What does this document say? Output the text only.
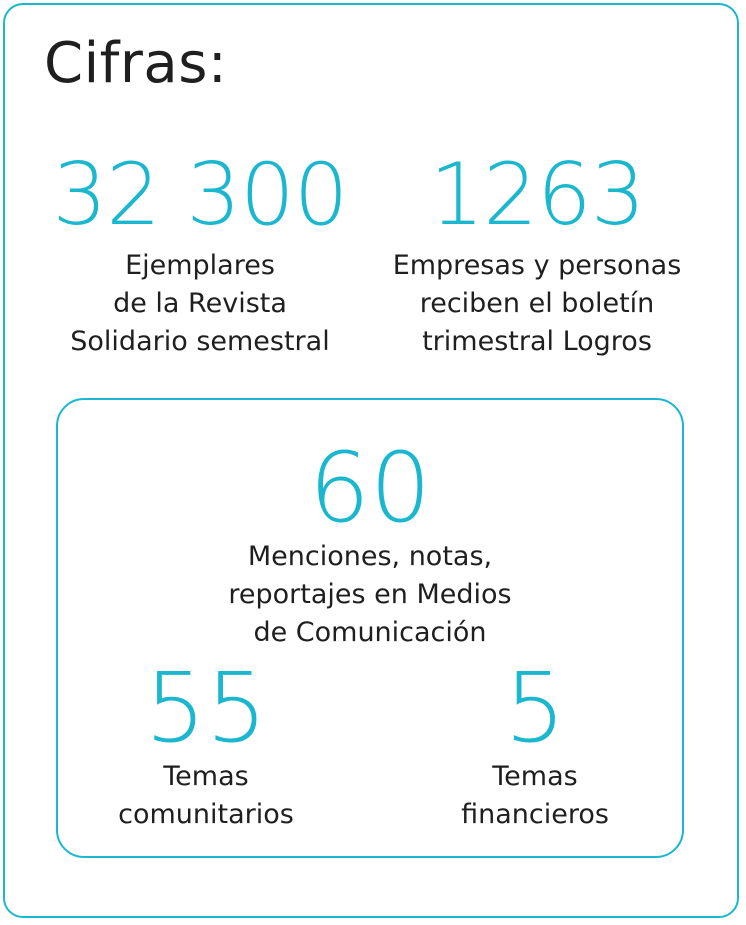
Cifras:
32 300
Ejemplares
de la Revista
Solidario semestral
1263
Empresas y personas
reciben el boletín
trimestral Logros
60
Menciones, notas,
reportajes en Medios
de Comunicación
55
Temas
comunitarios
5
Temas
financieros
